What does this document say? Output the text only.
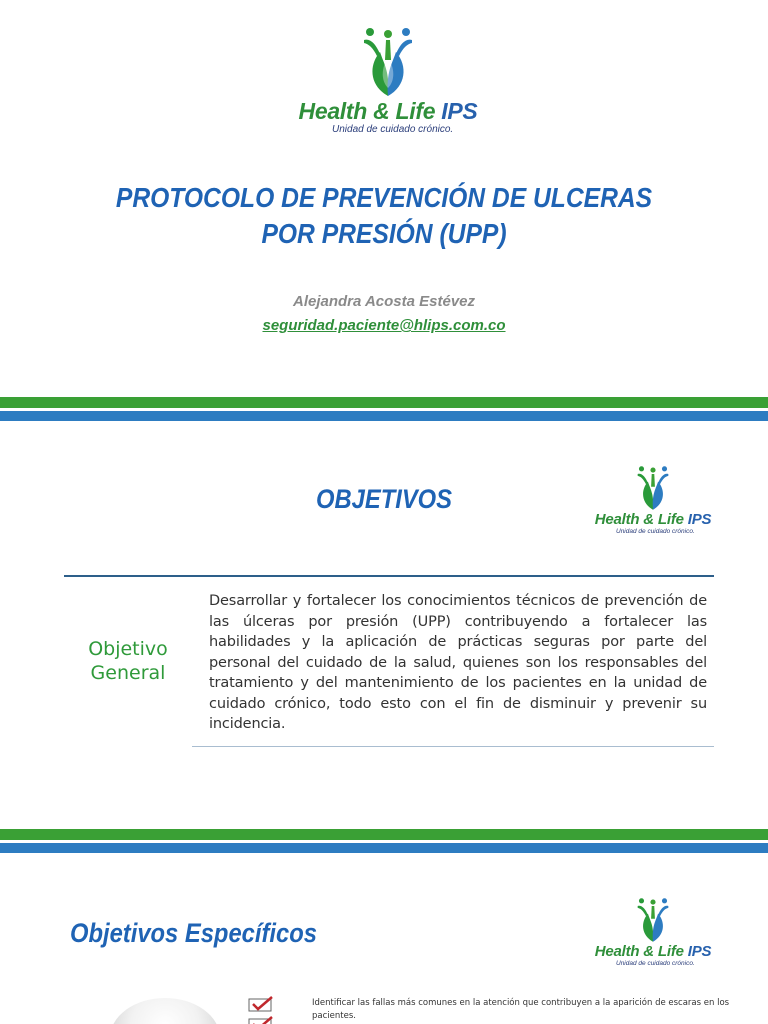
Health & Life IPS
Unidad de cuidado crónico.
PROTOCOLO DE PREVENCIÓN DE ULCERAS
POR PRESIÓN (UPP)
Alejandra Acosta Estévez
seguridad.paciente@hlips.com.co
OBJETIVOS
Health & Life IPS
Unidad de cuidado crónico.
Objetivo
General
Desarrollar y fortalecer los conocimientos técnicos de prevención de las úlceras por presión (UPP) contribuyendo a fortalecer las habilidades y la aplicación de prácticas seguras por parte del personal del cuidado de la salud, quienes son los responsables del tratamiento y del mantenimiento de los pacientes en la unidad de cuidado crónico, todo esto con el fin de disminuir y prevenir su incidencia.
Objetivos Específicos
Health & Life IPS
Unidad de cuidado crónico.
Identificar las fallas más comunes en la atención que contribuyen a la aparición de escaras en los pacientes.
